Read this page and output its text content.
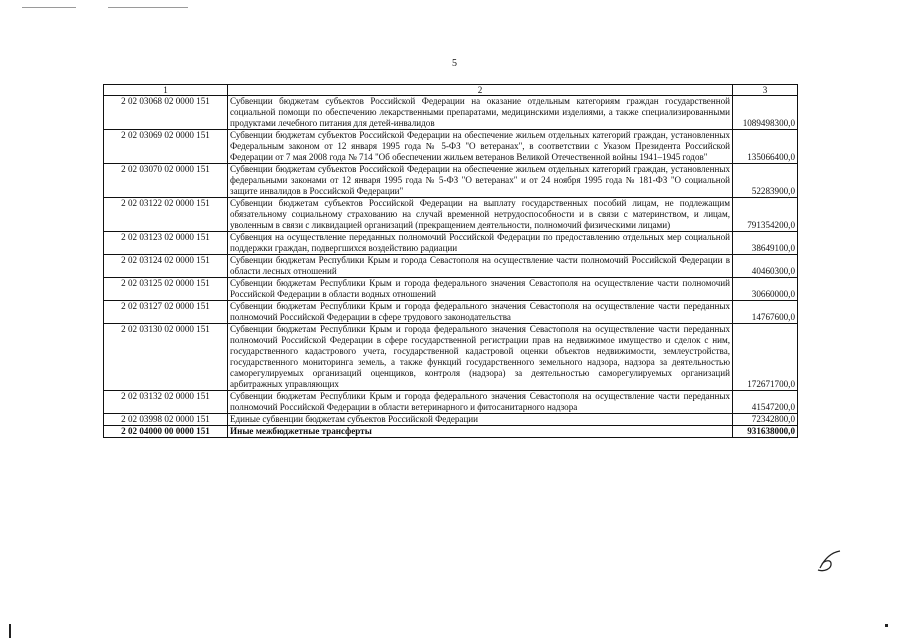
5
1	2	3
2 02 03068 02 0000 151	Субвенции бюджетам субъектов Российской Федерации на оказание отдельным категориям граждан государственной социальной помощи по обеспечению лекарственными препаратами, медицинскими изделиями, а также специализированными продуктами лечебного питания для детей-инвалидов	1089498300,0
2 02 03069 02 0000 151	Субвенции бюджетам субъектов Российской Федерации на обеспечение жильем отдельных категорий граждан, установленных Федеральным законом от 12 января 1995 года № 5-ФЗ "О ветеранах", в соответствии с Указом Президента Российской Федерации от 7 мая 2008 года № 714 "Об обеспечении жильем ветеранов Великой Отечественной войны 1941–1945 годов"	135066400,0
2 02 03070 02 0000 151	Субвенции бюджетам субъектов Российской Федерации на обеспечение жильем отдельных категорий граждан, установленных федеральными законами от 12 января 1995 года № 5-ФЗ "О ветеранах" и от 24 ноября 1995 года № 181-ФЗ "О социальной защите инвалидов в Российской Федерации"	52283900,0
2 02 03122 02 0000 151	Субвенции бюджетам субъектов Российской Федерации на выплату государственных пособий лицам, не подлежащим обязательному социальному страхованию на случай временной нетрудоспособности и в связи с материнством, и лицам, уволенным в связи с ликвидацией организаций (прекращением деятельности, полномочий физическими лицами)	791354200,0
2 02 03123 02 0000 151	Субвенция на осуществление переданных полномочий Российской Федерации по предоставлению отдельных мер социальной поддержки граждан, подвергшихся воздействию радиации	38649100,0
2 02 03124 02 0000 151	Субвенции бюджетам Республики Крым и города Севастополя на осуществление части полномочий Российской Федерации в области лесных отношений	40460300,0
2 02 03125 02 0000 151	Субвенции бюджетам Республики Крым и города федерального значения Севастополя на осуществление части полномочий Российской Федерации в области водных отношений	30660000,0
2 02 03127 02 0000 151	Субвенции бюджетам Республики Крым и города федерального значения Севастополя на осуществление части переданных полномочий Российской Федерации в сфере трудового законодательства	14767600,0
2 02 03130 02 0000 151	Субвенции бюджетам Республики Крым и города федерального значения Севастополя на осуществление части переданных полномочий Российской Федерации в сфере государственной регистрации прав на недвижимое имущество и сделок с ним, государственного кадастрового учета, государственной кадастровой оценки объектов недвижимости, землеустройства, государственного мониторинга земель, а также функций государственного земельного надзора, надзора за деятельностью саморегулируемых организаций оценщиков, контроля (надзора) за деятельностью саморегулируемых организаций арбитражных управляющих	172671700,0
2 02 03132 02 0000 151	Субвенции бюджетам Республики Крым и города федерального значения Севастополя на осуществление части переданных полномочий Российской Федерации в области ветеринарного и фитосанитарного надзора	41547200,0
2 02 03998 02 0000 151	Единые субвенции бюджетам субъектов Российской Федерации	72342800,0
2 02 04000 00 0000 151	Иные межбюджетные трансферты	931638000,0
